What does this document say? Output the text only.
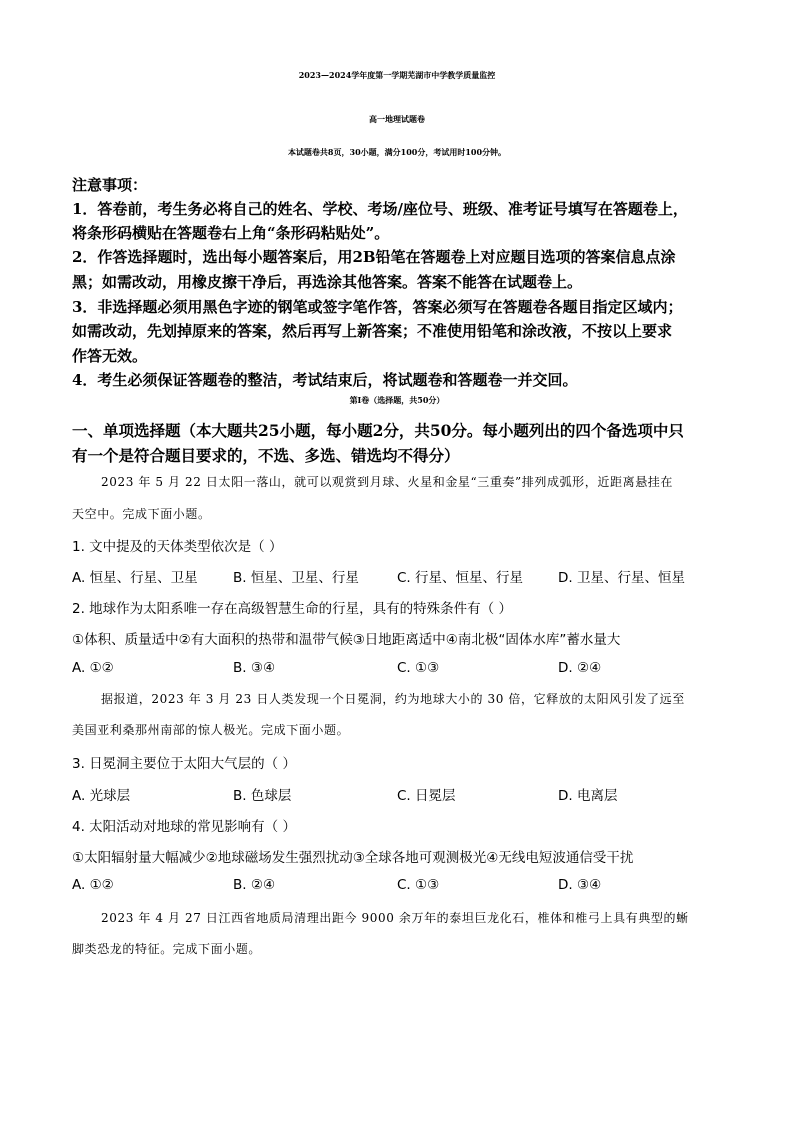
2023—2024学年度第一学期芜湖市中学教学质量监控
高一地理试题卷
本试题卷共8页，30小题，满分100分，考试用时100分钟。
注意事项：
1．答卷前，考生务必将自己的姓名、学校、考场/座位号、班级、准考证号填写在答题卷上，
将条形码横贴在答题卷右上角“条形码粘贴处”。
2．作答选择题时，选出每小题答案后，用2B铅笔在答题卷上对应题目选项的答案信息点涂
黑；如需改动，用橡皮擦干净后，再选涂其他答案。答案不能答在试题卷上。
3．非选择题必须用黑色字迹的钢笔或签字笔作答，答案必须写在答题卷各题目指定区域内；
如需改动，先划掉原来的答案，然后再写上新答案；不准使用铅笔和涂改液，不按以上要求
作答无效。
4．考生必须保证答题卷的整洁，考试结束后，将试题卷和答题卷一并交回。
第Ⅰ卷（选择题，共50分）
一、单项选择题（本大题共25小题，每小题2分，共50分。每小题列出的四个备选项中只
有一个是符合题目要求的，不选、多选、错选均不得分）
2023 年 5 月 22 日太阳一落山，就可以观赏到月球、火星和金星“三重奏”排列成弧形，近距离悬挂在
天空中。完成下面小题。
1. 文中提及的天体类型依次是（ ）
A. 恒星、行星、卫星	B. 恒星、卫星、行星	C. 行星、恒星、行星	D. 卫星、行星、恒星
2. 地球作为太阳系唯一存在高级智慧生命的行星，具有的特殊条件有（ ）
①体积、质量适中②有大面积的热带和温带气候③日地距离适中④南北极“固体水库”蓄水量大
A. ①②	B. ③④	C. ①③	D. ②④
据报道，2023 年 3 月 23 日人类发现一个日冕洞，约为地球大小的 30 倍，它释放的太阳风引发了远至
美国亚利桑那州南部的惊人极光。完成下面小题。
3. 日冕洞主要位于太阳大气层的（ ）
A. 光球层	B. 色球层	C. 日冕层	D. 电离层
4. 太阳活动对地球的常见影响有（ ）
①太阳辐射量大幅减少②地球磁场发生强烈扰动③全球各地可观测极光④无线电短波通信受干扰
A. ①②	B. ②④	C. ①③	D. ③④
2023 年 4 月 27 日江西省地质局清理出距今 9000 余万年的泰坦巨龙化石，椎体和椎弓上具有典型的蜥
脚类恐龙的特征。完成下面小题。
